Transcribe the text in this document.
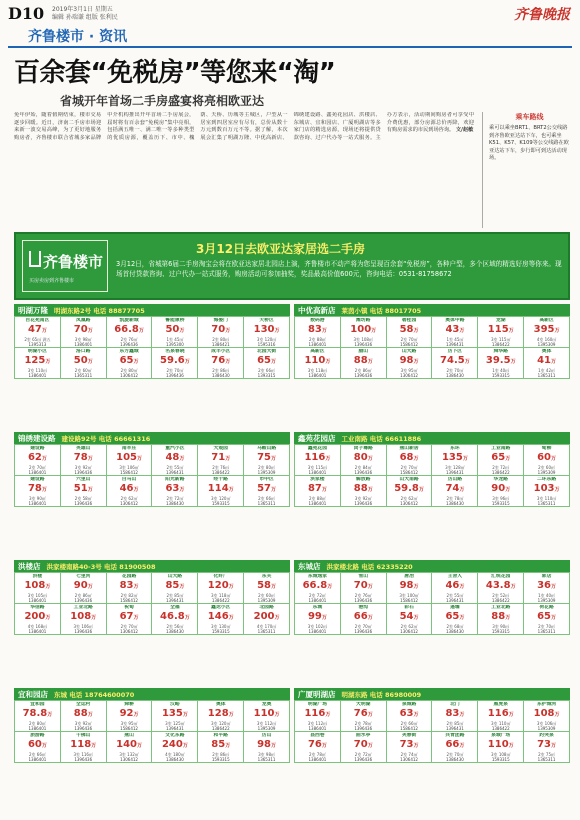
D10 2019年3月1日 星期五
编辑 孙瑞谦 组版 张利民	齐鲁晚报
齐鲁楼市 · 资讯
百余套“免税房”等您来“淘”
省城开年首场二手房盛宴将亮相欧亚达
免年伊始，随着假期结束，楼市交易逐步回暖。近日，济南二手房市场迎来新一波交易高峰，为了更好地服务购房者，齐鲁楼市联合省城多家品牌中介机构推出开年首场二手房展会，届时将有百余套“免税房”集中亮相，包括满五唯一、满二唯一等多种类型的优质房源，覆盖历下、市中、槐荫、天桥、历城等主城区，户型从一居室到四居室应有尽有，总价从数十万元到数百万元不等。据了解，本次展会汇集了明湖万隆、中优高新店、锦绣建设路、鑫苑花园店、洪楼店、东城店、宜和园店、广厦明湖店等多家门店的精选房源，现场还将提供贷款咨询、过户代办等一站式服务。主办方表示，活动期间购房者可享受中介费优惠，部分房源总价再降，欢迎有购房需求的市民到场咨询。 文/赵敏
乘车路线
乘可以乘坐BRT1、BRT2公交线路到齐鲁欧亚达站下车，也可乘坐K51、K57、K109等公交线路在欧亚达站下车，步行即可到达活动现场。
齐鲁楼市
买房卖房到齐鲁楼市
3月12日去欧亚达家居选二手房
3月12日，省城第6届二手房淘宝会将在欧亚达家居北园店上演，齐鲁楼市不动产将为您呈现百余套“免税房”，各种户型，多个区域的精选好房等你来。现场首付贷款咨询、过户代办一站式服务，购房活动可参加抽奖，奖品最高价值600元，咨询电话：0531-81758672
明湖万隆 明湖东路2号 电话 88877705
百花苑南区
47万
2室 65㎡ 满五
1395313
凤凰路
70万
3室 98㎡
1386401
凯旋新城
66.8万
2室 76㎡
1396436
鲁能康桥
50万
1室 45㎡
1395300
海晏门
70万
2室 80㎡
1386421
天桥区
130万
3室 120㎡
1595316
明湖小区
125万
3室 110㎡
1386401
洛口路
50万
2室 60㎡
1365311
东方鑫城
65万
2室 80㎡
1306412
名泉春晓
59.6万
2室 70㎡
1396436
成丰小区
76万
2室 86㎡
1386430
北园大街
65万
2室 66㎡
1393315
中优高新店 莱茵小镇 电话 88017705
数码港
83万
2室 88㎡
1386401
潍坊路
100万
3室 108㎡
1396436
碧桂园
58万
2室 70㎡
1586412
奥体中路
43万
1室 45㎡
1396431
龙湖
115万
3室 115㎡
1386422
高新区
395万
4室 160㎡
1395309
高新区
110万
3室 118㎡
1386401
腊山
88万
2室 86㎡
1396436
山大路
98万
3室 95㎡
1306412
历下区
74.5万
2室 70㎡
1386430
舜华路
39.5万
1室 40㎡
1593315
奥体
41万
1室 42㎡
1365311
锦绣建设路 建设路92号 电话 66661316
建设路
62万
2室 70㎡
1386401
英雄山
78万
3室 92㎡
1396436
南辛庄
105万
3室 106㎡
1586412
重汽小区
48万
2室 55㎡
1396431
大观园
71万
2室 76㎡
1386422
马鞍山路
75万
2室 80㎡
1395309
建设路
78万
3室 90㎡
1386401
六里山
51万
2室 58㎡
1396436
白马山
46万
2室 62㎡
1306412
阳光新路
63万
2室 72㎡
1386430
经十路
114万
3室 120㎡
1593315
市中区
57万
2室 66㎡
1365311
鑫苑花园店 工业南路 电话 66611886
鑫苑花园
116万
3室 115㎡
1386401
闵子骞路
80万
2室 84㎡
1396436
燕山新居
68万
2室 70㎡
1586412
东环
135万
3室 128㎡
1396431
工业南路
65万
2室 72㎡
1386422
甸柳
60万
2室 60㎡
1395309
洪家楼
87万
2室 88㎡
1386401
解放路
88万
3室 92㎡
1396436
山大南路
59.8万
2室 62㎡
1306412
历山路
74万
2室 78㎡
1386430
华龙路
90万
3室 96㎡
1593315
二环东路
103万
3室 110㎡
1365311
洪楼店 洪家楼南路40-3号 电话 81900508
洪楼
108万
3室 105㎡
1386401
七里河
90万
2室 86㎡
1396436
花园路
83万
2室 82㎡
1586412
山大路
85万
2室 85㎡
1396431
化纤厂
120万
3室 118㎡
1386422
东关
58万
2室 60㎡
1395309
华信路
200万
4室 168㎡
1386401
工业北路
108万
3室 106㎡
1396436
祝甸
67万
2室 70㎡
1306412
全福
46.8万
2室 56㎡
1386430
鑫达小区
146万
3室 130㎡
1593315
北园路
200万
4室 170㎡
1365311
东城店 洪家楼北路 电话 62335220
东城逸家
66.8万
2室 72㎡
1386401
雪山
70万
2室 76㎡
1396436
唐冶
98万
3室 100㎡
1586412
王舍人
46万
2室 55㎡
1396431
汇统花园
43.8万
2室 52㎡
1386422
郭店
36万
1室 40㎡
1395309
东城
99万
3室 102㎡
1386401
港沟
66万
2室 70㎡
1396436
彩石
54万
2室 62㎡
1306412
遥墙
65万
2室 68㎡
1386430
工业北路
88万
3室 90㎡
1593315
荷花路
65万
2室 70㎡
1365311
宜和园店 东城 电话 18764600070
宜和园
78.8万
2室 80㎡
1386401
全运村
88万
3室 92㎡
1396436
舜耕
92万
3室 95㎡
1586412
汉峪
135万
3室 125㎡
1396431
奥体
128万
3室 120㎡
1386422
龙奥
110万
3室 112㎡
1395309
旅游路
60万
2室 66㎡
1386401
千佛山
118万
3室 116㎡
1396436
燕山
140万
3室 132㎡
1306412
文化东路
240万
4室 180㎡
1386430
和平路
85万
2室 86㎡
1593315
历山
98万
3室 98㎡
1365311
广厦明湖店 明湖东路 电话 86980009
明湖广场
116万
3室 112㎡
1386401
大明湖
76万
2室 78㎡
1396436
泉城路
63万
2室 66㎡
1586412
北门
83万
2室 85㎡
1396431
黑虎泉
116万
3室 110㎡
1386422
东护城河
108万
3室 106㎡
1395309
县西巷
76万
2室 78㎡
1386401
曲水亭
70万
2室 72㎡
1396436
芙蓉街
73万
2室 74㎡
1306412
共青团路
66万
2室 70㎡
1386430
泉城广场
110万
3室 108㎡
1593315
趵突泉
73万
2室 75㎡
1365311
